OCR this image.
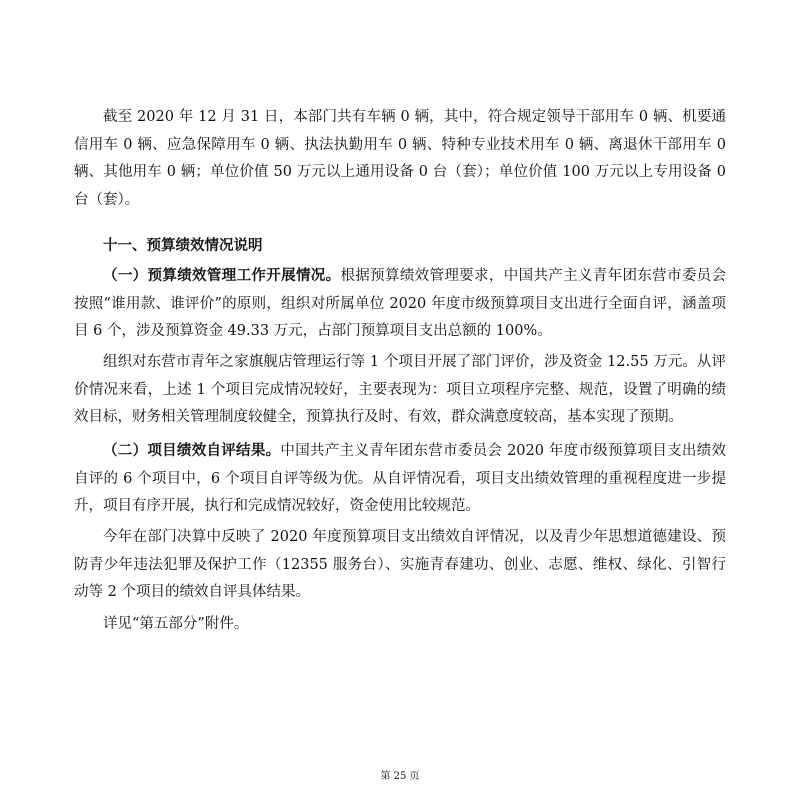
截至 2020 年 12 月 31 日，本部门共有车辆 0 辆，其中，符合规定领导干部用车 0 辆、机要通信用车 0 辆、应急保障用车 0 辆、执法执勤用车 0 辆、特种专业技术用车 0 辆、离退休干部用车 0 辆、其他用车 0 辆；单位价值 50 万元以上通用设备 0 台（套）；单位价值 100 万元以上专用设备 0 台（套）。

十一、预算绩效情况说明

（一）预算绩效管理工作开展情况。根据预算绩效管理要求，中国共产主义青年团东营市委员会按照“谁用款、谁评价”的原则，组织对所属单位 2020 年度市级预算项目支出进行全面自评，涵盖项目 6 个，涉及预算资金 49.33 万元，占部门预算项目支出总额的 100%。

组织对东营市青年之家旗舰店管理运行等 1 个项目开展了部门评价，涉及资金 12.55 万元。从评价情况来看，上述 1 个项目完成情况较好，主要表现为：项目立项程序完整、规范，设置了明确的绩效目标，财务相关管理制度较健全，预算执行及时、有效，群众满意度较高，基本实现了预期。

（二）项目绩效自评结果。中国共产主义青年团东营市委员会 2020 年度市级预算项目支出绩效自评的 6 个项目中，6 个项目自评等级为优。从自评情况看，项目支出绩效管理的重视程度进一步提升，项目有序开展，执行和完成情况较好，资金使用比较规范。

今年在部门决算中反映了 2020 年度预算项目支出绩效自评情况，以及青少年思想道德建设、预防青少年违法犯罪及保护工作（12355 服务台）、实施青春建功、创业、志愿、维权、绿化、引智行动等 2 个项目的绩效自评具体结果。

详见“第五部分”附件。

第 25 页
